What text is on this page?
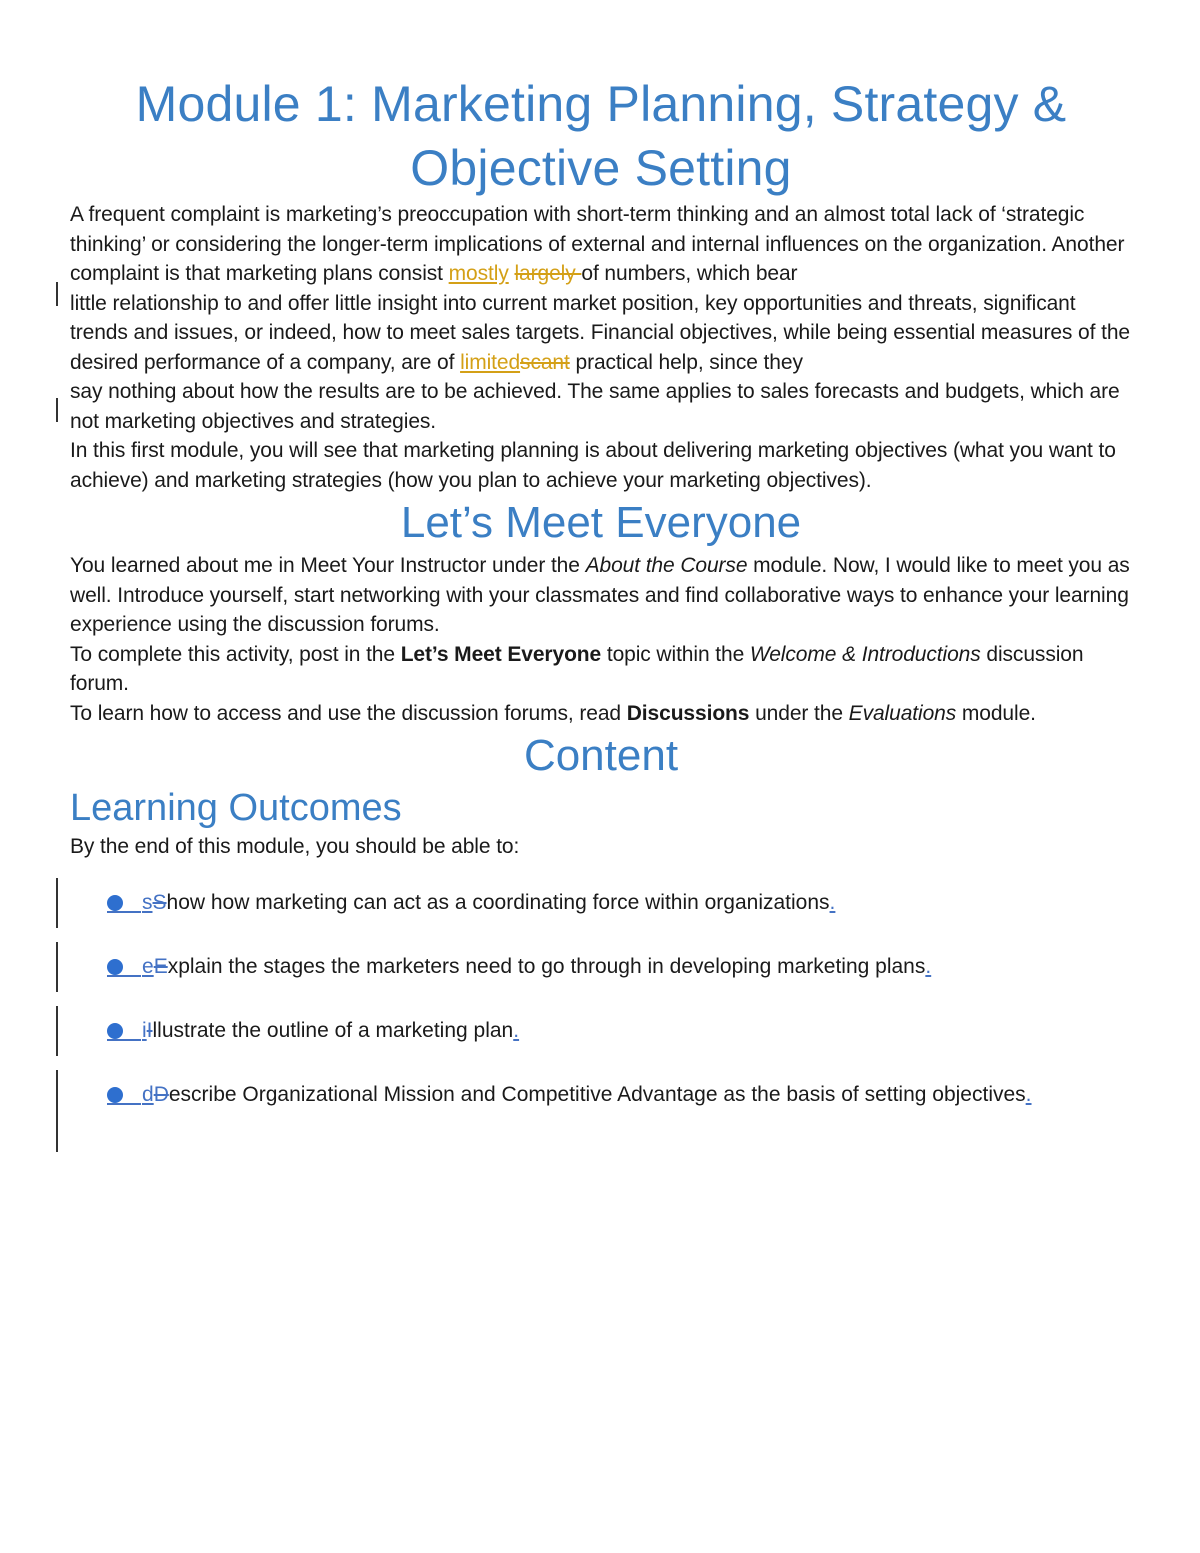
Module 1: Marketing Planning, Strategy & Objective Setting

A frequent complaint is marketing’s preoccupation with short-term thinking and an almost total lack of ‘strategic thinking’ or considering the longer-term implications of external and internal influences on the organization. Another complaint is that marketing plans consist mostly largely of numbers, which bear
little relationship to and offer little insight into current market position, key opportunities and threats, significant trends and issues, or indeed, how to meet sales targets. Financial objectives, while being essential measures of the desired performance of a company, are of limitedscant practical help, since they
say nothing about how the results are to be achieved. The same applies to sales forecasts and budgets, which are not marketing objectives and strategies.

In this first module, you will see that marketing planning is about delivering marketing objectives (what you want to achieve) and marketing strategies (how you plan to achieve your marketing objectives).

Let’s Meet Everyone

You learned about me in Meet Your Instructor under the About the Course module. Now, I would like to meet you as well. Introduce yourself, start networking with your classmates and find collaborative ways to enhance your learning experience using the discussion forums.

To complete this activity, post in the Let’s Meet Everyone topic within the Welcome & Introductions discussion forum.

To learn how to access and use the discussion forums, read Discussions under the Evaluations module.

Content
Learning Outcomes

By the end of this module, you should be able to:

sShow how marketing can act as a coordinating force within organizations.
eExplain the stages the marketers need to go through in developing marketing plans.
iIllustrate the outline of a marketing plan.
dDescribe Organizational Mission and Competitive Advantage as the basis of setting objectives.
